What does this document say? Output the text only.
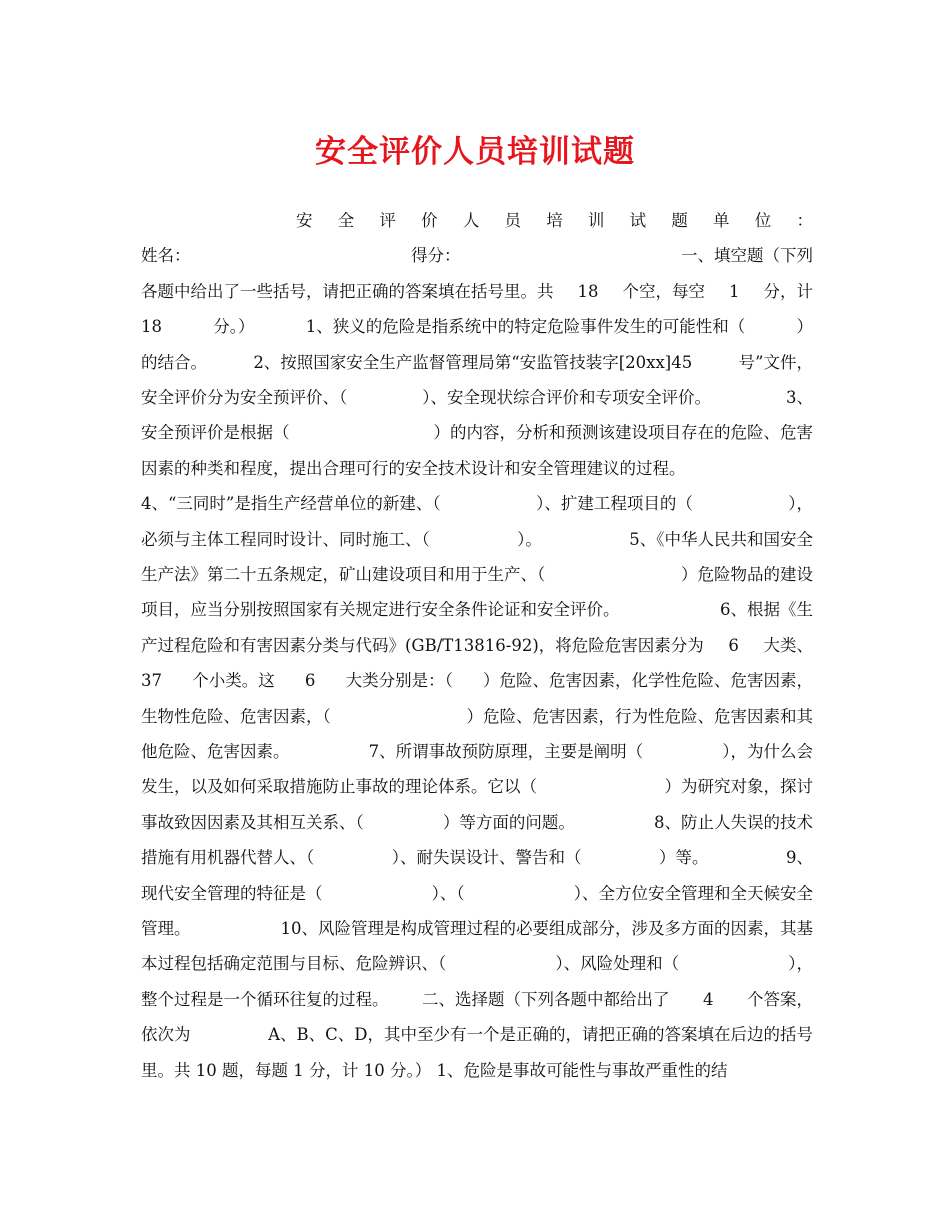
安全评价人员培训试题
安 全 评 价 人 员 培 训 试 题 单 位 ：
姓名：	得分：	一、填空题（下列
各题中给出了一些括号，请把正确的答案填在括号里。共 18 个空，每空 1 分，计
18	分。）	1、狭义的危险是指系统中的特定危险事件发生的可能性和（	）
的结合。	2、按照国家安全生产监督管理局第“安监管技装字[20xx]45	号”文件，
安全评价分为安全预评价、（	）、安全现状综合评价和专项安全评价。	3、
安全预评价是根据（	）的内容，分析和预测该建设项目存在的危险、危害
因素的种类和程度，提出合理可行的安全技术设计和安全管理建议的过程。
4、“三同时”是指生产经营单位的新建、（	）、扩建工程项目的（	），
必须与主体工程同时设计、同时施工、（	）。	5、《中华人民共和国安全
生产法》第二十五条规定，矿山建设项目和用于生产、（	）危险物品的建设
项目，应当分别按照国家有关规定进行安全条件论证和安全评价。	6、根据《生
产过程危险和有害因素分类与代码》(GB/T13816-92)，将危险危害因素分为 6 大类、
37 个小类。这 6 大类分别是：（ ）危险、危害因素，化学性危险、危害因素，
生物性危险、危害因素，（	）危险、危害因素，行为性危险、危害因素和其
他危险、危害因素。	7、所谓事故预防原理，主要是阐明（	），为什么会
发生，以及如何采取措施防止事故的理论体系。它以（	）为研究对象，探讨
事故致因因素及其相互关系、（	）等方面的问题。	8、防止人失误的技术
措施有用机器代替人、（	）、耐失误设计、警告和（	）等。	9、
现代安全管理的特征是（	）、（	）、全方位安全管理和全天候安全
管理。	10、风险管理是构成管理过程的必要组成部分，涉及多方面的因素，其基
本过程包括确定范围与目标、危险辨识、（	）、风险处理和（	），
整个过程是一个循环往复的过程。 二、选择题（下列各题中都给出了 4 个答案，
依次为	A、B、C、D，其中至少有一个是正确的，请把正确的答案填在后边的括号
里。共 10 题，每题 1 分，计 10 分。） 1、危险是事故可能性与事故严重性的结
